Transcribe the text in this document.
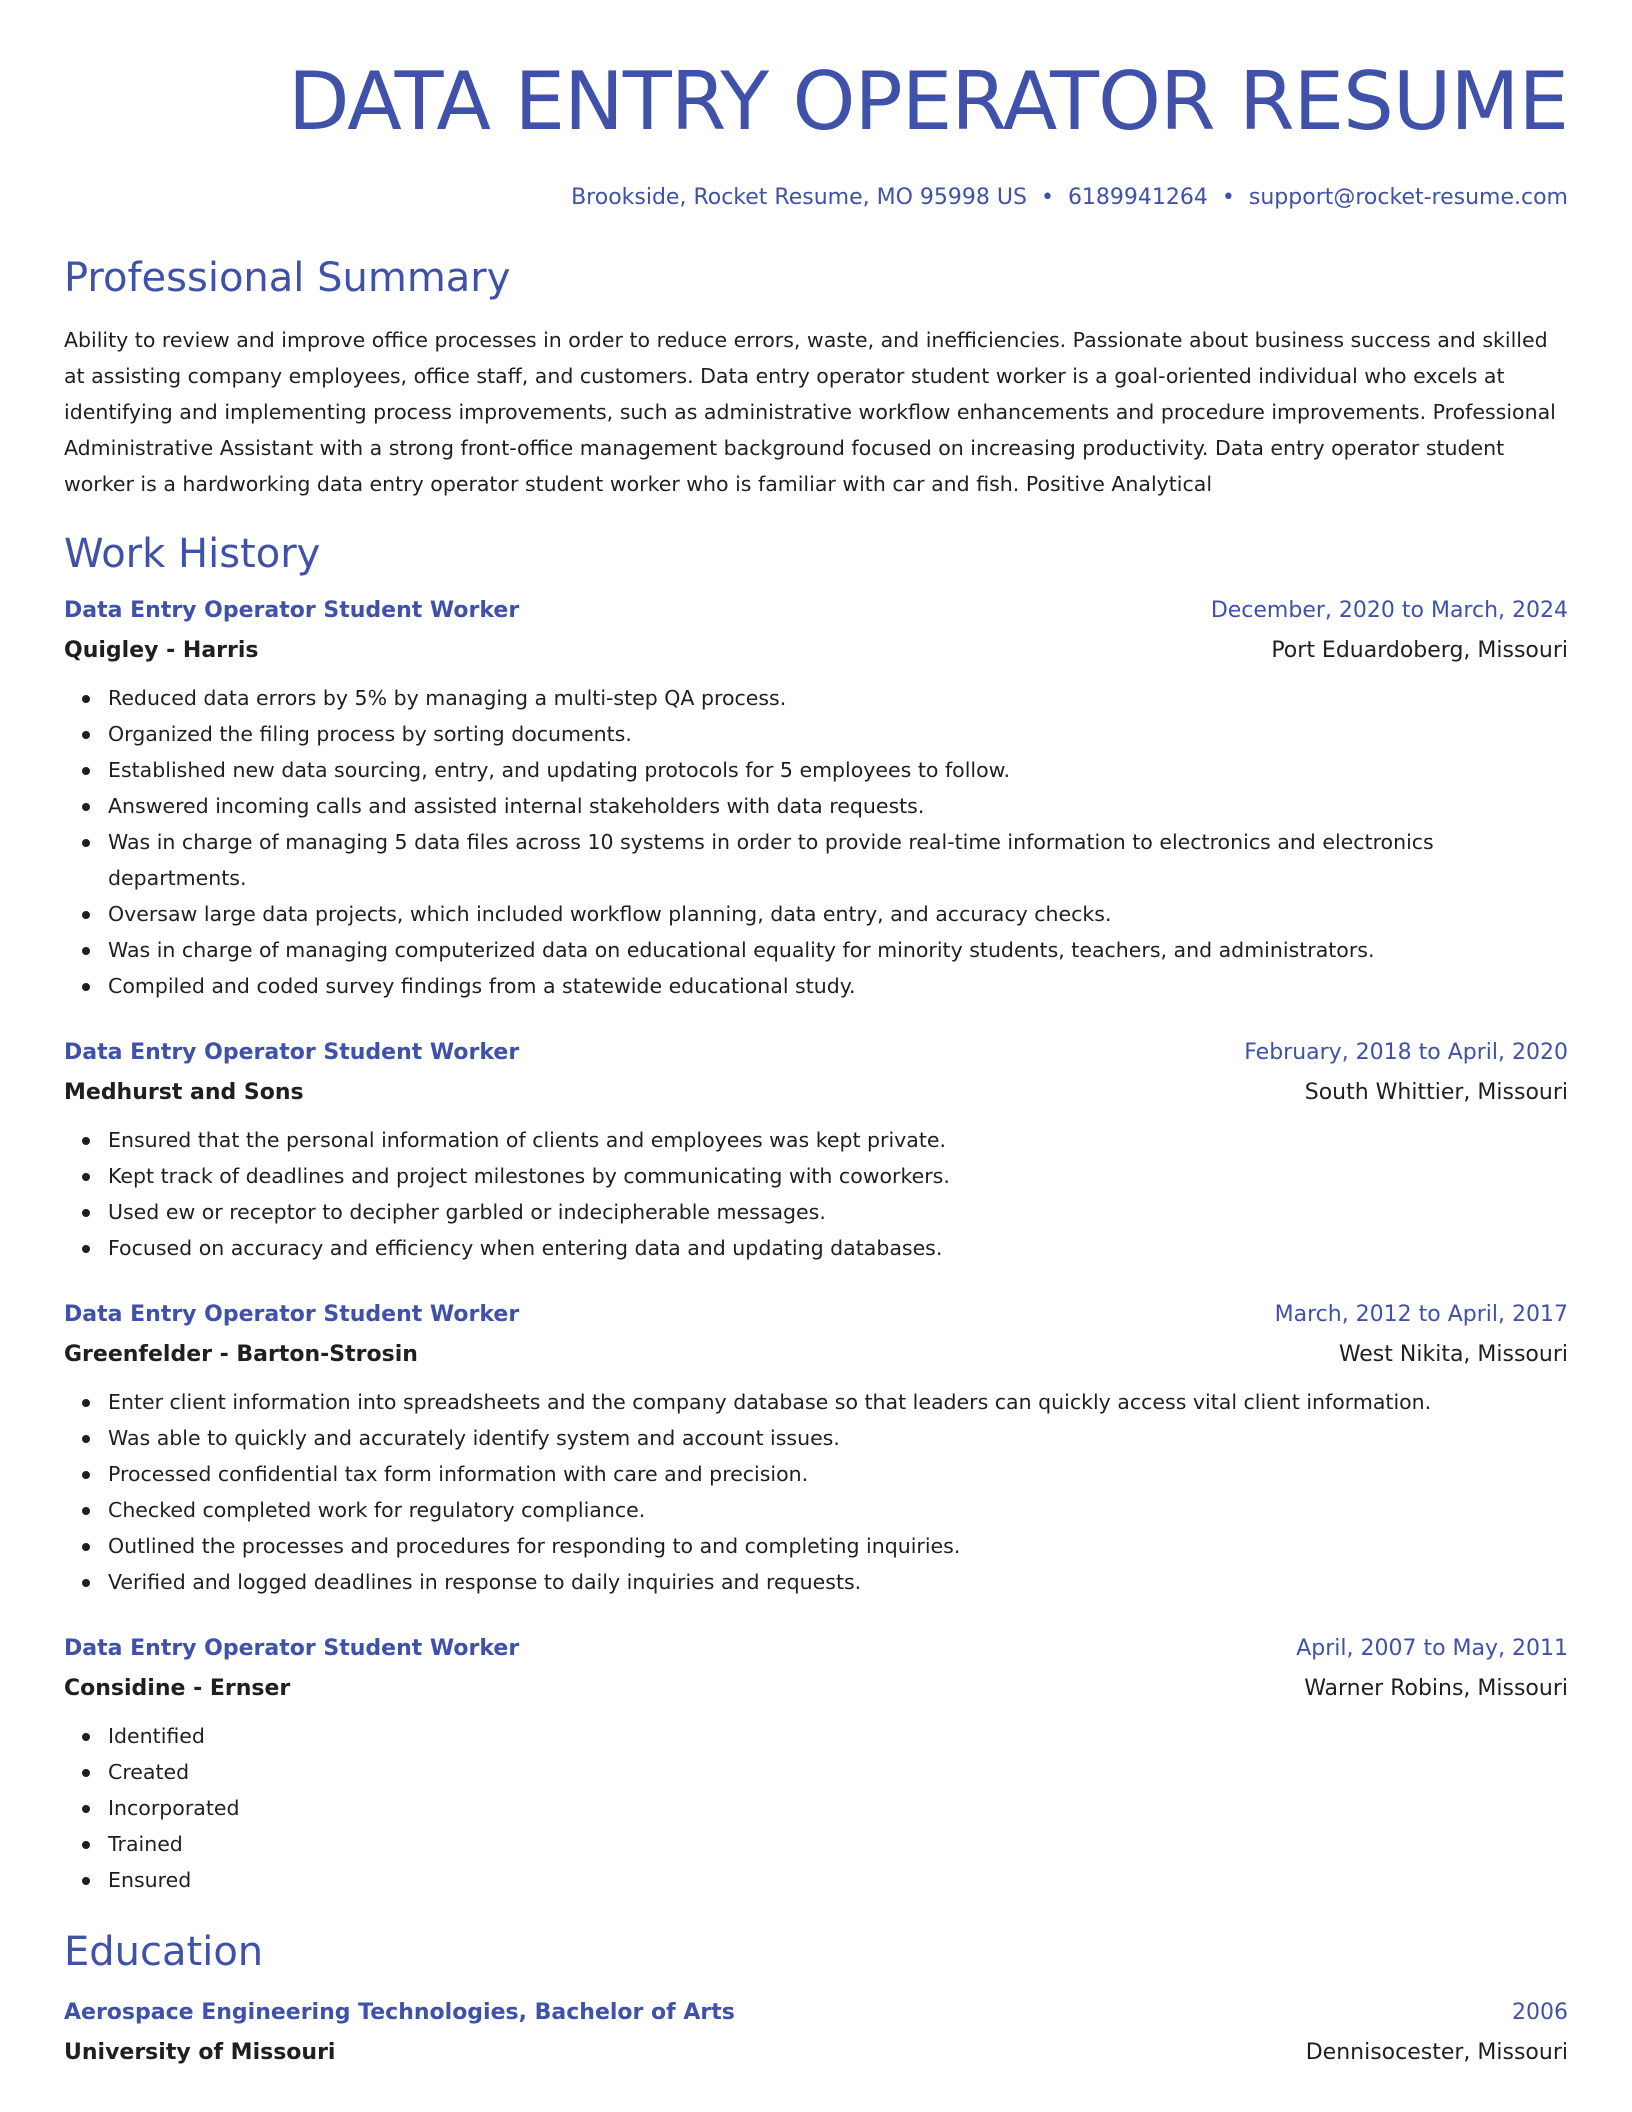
DATA ENTRY OPERATOR RESUME
Brookside, Rocket Resume, MO 95998 US • 6189941264 • support@rocket-resume.com
Professional Summary
Ability to review and improve office processes in order to reduce errors, waste, and inefficiencies. Passionate about business success and skilled at assisting company employees, office staff, and customers. Data entry operator student worker is a goal-oriented individual who excels at identifying and implementing process improvements, such as administrative workflow enhancements and procedure improvements. Professional Administrative Assistant with a strong front-office management background focused on increasing productivity. Data entry operator student worker is a hardworking data entry operator student worker who is familiar with car and fish. Positive Analytical
Work History
Data Entry Operator Student Worker	December, 2020 to March, 2024
Quigley - Harris	Port Eduardoberg, Missouri
Reduced data errors by 5% by managing a multi-step QA process.
Organized the filing process by sorting documents.
Established new data sourcing, entry, and updating protocols for 5 employees to follow.
Answered incoming calls and assisted internal stakeholders with data requests.
Was in charge of managing 5 data files across 10 systems in order to provide real-time information to electronics and electronics departments.
Oversaw large data projects, which included workflow planning, data entry, and accuracy checks.
Was in charge of managing computerized data on educational equality for minority students, teachers, and administrators.
Compiled and coded survey findings from a statewide educational study.
Data Entry Operator Student Worker	February, 2018 to April, 2020
Medhurst and Sons	South Whittier, Missouri
Ensured that the personal information of clients and employees was kept private.
Kept track of deadlines and project milestones by communicating with coworkers.
Used ew or receptor to decipher garbled or indecipherable messages.
Focused on accuracy and efficiency when entering data and updating databases.
Data Entry Operator Student Worker	March, 2012 to April, 2017
Greenfelder - Barton-Strosin	West Nikita, Missouri
Enter client information into spreadsheets and the company database so that leaders can quickly access vital client information.
Was able to quickly and accurately identify system and account issues.
Processed confidential tax form information with care and precision.
Checked completed work for regulatory compliance.
Outlined the processes and procedures for responding to and completing inquiries.
Verified and logged deadlines in response to daily inquiries and requests.
Data Entry Operator Student Worker	April, 2007 to May, 2011
Considine - Ernser	Warner Robins, Missouri
Identified
Created
Incorporated
Trained
Ensured
Education
Aerospace Engineering Technologies, Bachelor of Arts	2006
University of Missouri	Dennisocester, Missouri
